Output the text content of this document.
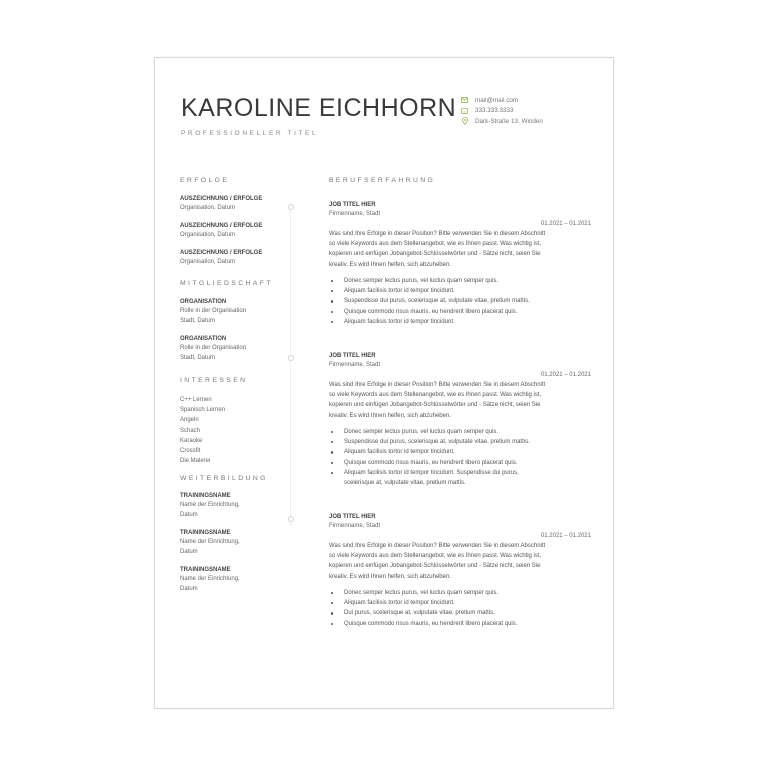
KAROLINE EICHHORN
PROFESSIONELLER TITEL
mail@mail.com
333.333.3333
Dark-Straße 13, Winden
ERFOLGE
AUSZEICHNUNG / ERFOLGE
Organisation, Datum
AUSZEICHNUNG / ERFOLGE
Organisation, Datum
AUSZEICHNUNG / ERFOLGE
Organisation, Datum
MITGLIEDSCHAFT
ORGANISATION
Rolle in der Organisation
Stadt, Datum
ORGANISATION
Rolle in der Organisation
Stadt, Datum
INTERESSEN
C++ Lernen
Spanisch Lernen
Angeln
Schach
Karaoke
Crossfit
Die Malerei
WEITERBILDUNG
TRAININGSNAME
Name der Einrichtung,
Datum
TRAININGSNAME
Name der Einrichtung,
Datum
TRAININGSNAME
Name der Einrichtung,
Datum
BERUFSERFAHRUNG
JOB TITEL HIER
Firmenname, Stadt
01.2021 – 01.2021
Was sind Ihre Erfolge in dieser Position? Bitte verwenden Sie in diesem Abschnitt
so viele Keywords aus dem Stellenangebot, wie es Ihnen passt. Was wichtig ist,
kopieren und einfügen Jobangebot-Schlüsselwörter und - Sätze nicht, seien Sie
kreativ. Es wird Ihnen helfen, sich abzuheben.
Donec semper lectus purus, vel luctus quam semper quis.
Aliquam facilisis tortor id tempor tincidunt.
Suspendisse dui purus, scelerisque at, vulputate vitae, pretium mattis.
Quisque commodo risus mauris, eu hendrerit libero placerat quis.
Aliquam facilisis tortor id tempor tincidunt.
JOB TITEL HIER
Firmenname, Stadt
01.2021 – 01.2021
Was sind Ihre Erfolge in dieser Position? Bitte verwenden Sie in diesem Abschnitt
so viele Keywords aus dem Stellenangebot, wie es Ihnen passt. Was wichtig ist,
kopieren und einfügen Jobangebot-Schlüsselwörter und - Sätze nicht, seien Sie
kreativ. Es wird Ihnen helfen, sich abzuheben.
Donec semper lectus purus, vel luctus quam semper quis.
Suspendisse dui purus, scelerisque at, vulputate vitae, pretium mattis.
Aliquam facilisis tortor id tempor tincidunt.
Quisque commodo risus mauris, eu hendrerit libero placerat quis.
Aliquam facilisis tortor id tempor tincidunt. Suspendisse dui purus,
scelerisque at, vulputate vitae, pretium mattis.
JOB TITEL HIER
Firmenname, Stadt
01.2021 – 01.2021
Was sind Ihre Erfolge in dieser Position? Bitte verwenden Sie in diesem Abschnitt
so viele Keywords aus dem Stellenangebot, wie es Ihnen passt. Was wichtig ist,
kopieren und einfügen Jobangebot-Schlüsselwörter und - Sätze nicht, seien Sie
kreativ. Es wird Ihnen helfen, sich abzuheben.
Donec semper lectus purus, vel luctus quam semper quis.
Aliquam facilisis tortor id tempor tincidunt.
Dui purus, scelerisque at, vulputate vitae, pretium mattis.
Quisque commodo risus mauris, eu hendrerit libero placerat quis.
